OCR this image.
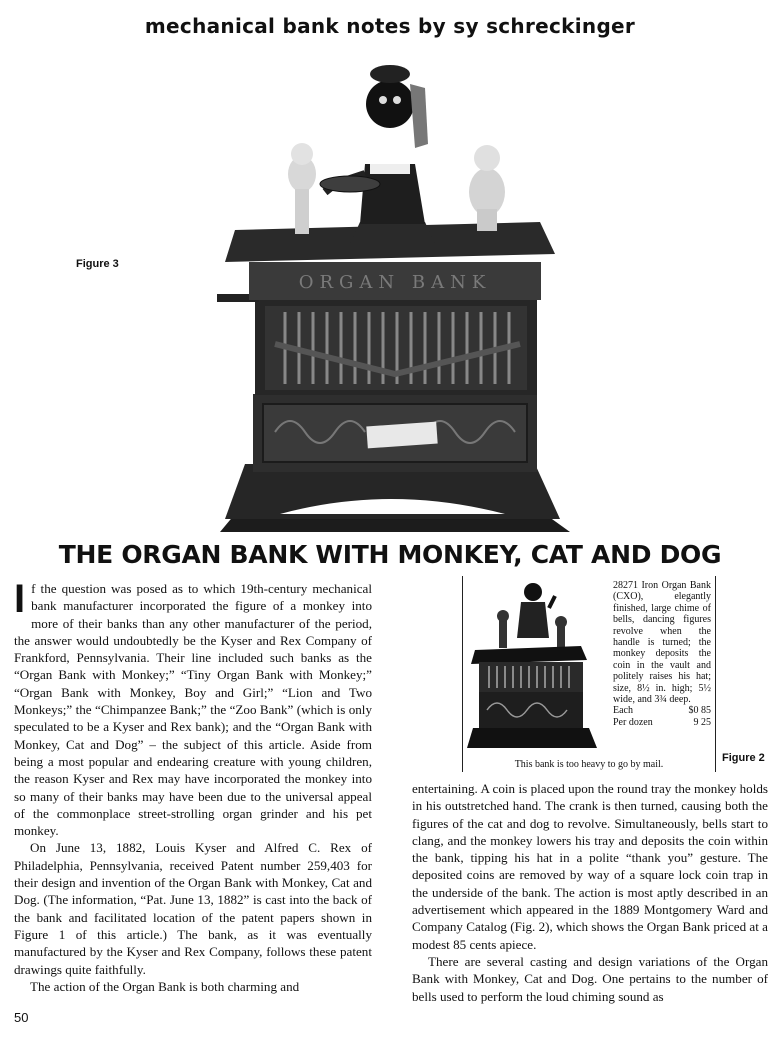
mechanical bank notes by sy schreckinger
ORGAN BANK
Figure 3
THE ORGAN BANK WITH MONKEY, CAT AND DOG

If the question was posed as to which 19th-century mechanical bank manufacturer incorporated the figure of a monkey into more of their banks than any other manufacturer of the period, the answer would undoubtedly be the Kyser and Rex Company of Frankford, Pennsylvania. Their line included such banks as the “Organ Bank with Monkey;” “Tiny Organ Bank with Monkey;” “Organ Bank with Monkey, Boy and Girl;” “Lion and Two Monkeys;” the “Chimpanzee Bank;” the “Zoo Bank” (which is only speculated to be a Kyser and Rex bank); and the “Organ Bank with Monkey, Cat and Dog” – the subject of this article. Aside from being a most popular and endearing creature with young children, the reason Kyser and Rex may have incorporated the monkey into so many of their banks may have been due to the universal appeal of the commonplace street-strolling organ grinder and his pet monkey.

On June 13, 1882, Louis Kyser and Alfred C. Rex of Philadelphia, Pennsylvania, received Patent number 259,403 for their design and invention of the Organ Bank with Monkey, Cat and Dog. (The information, “Pat. June 13, 1882” is cast into the back of the bank and facilitated location of the patent papers shown in Figure 1 of this article.) The bank, as it was eventually manufactured by the Kyser and Rex Company, follows these patent drawings quite faithfully.

The action of the Organ Bank is both charming and

28271 Iron Organ Bank (CXO), elegantly finished, large chime of bells, dancing figures revolve when the handle is turned; the monkey deposits the coin in the vault and politely raises his hat; size, 8½ in. high; 5½ wide, and 3¾ deep.
Each	$0 85
Per dozen	9 25
This bank is too heavy to go by mail.
Figure 2

entertaining. A coin is placed upon the round tray the monkey holds in his outstretched hand. The crank is then turned, causing both the figures of the cat and dog to revolve. Simultaneously, bells start to clang, and the monkey lowers his tray and deposits the coin within the bank, tipping his hat in a polite “thank you” gesture. The deposited coins are removed by way of a square lock coin trap in the underside of the bank. The action is most aptly described in an advertisement which appeared in the 1889 Montgomery Ward and Company Catalog (Fig. 2), which shows the Organ Bank priced at a modest 85 cents apiece.

There are several casting and design variations of the Organ Bank with Monkey, Cat and Dog. One pertains to the number of bells used to perform the loud chiming sound as

50
